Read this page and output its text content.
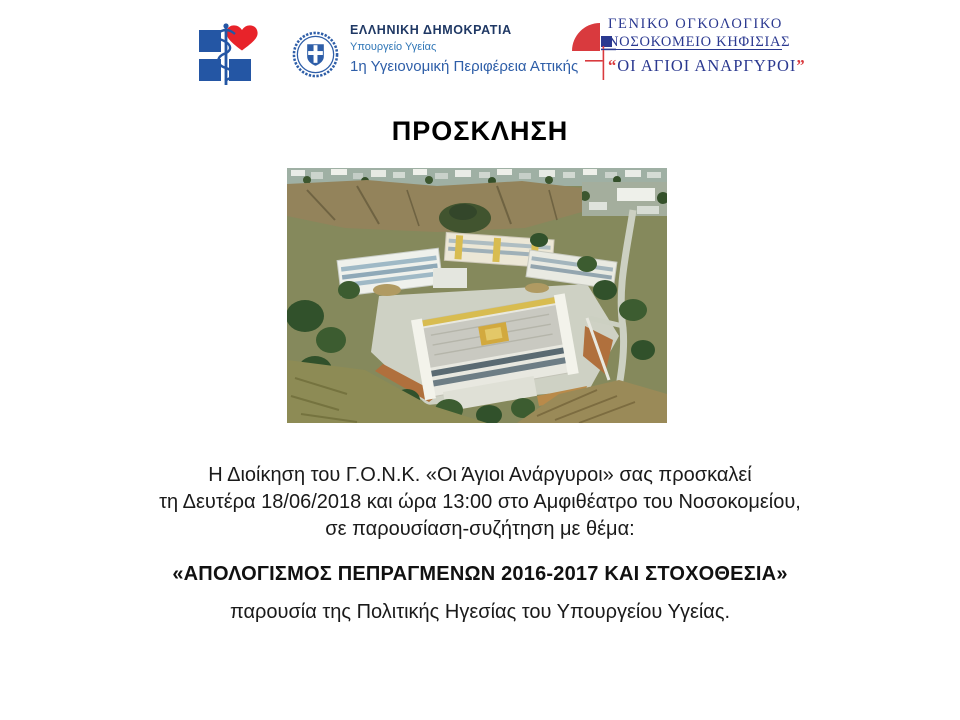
ΕΛΛΗΝΙΚΗ ΔΗΜΟΚΡΑΤΙΑ
Υπουργείο Υγείας
1η Υγειονομική Περιφέρεια Αττικής
ΓΕΝΙΚΟ ΟΓΚΟΛΟΓΙΚΟ
ΝΟΣΟΚΟΜΕΙΟ ΚΗΦΙΣΙΑΣ
“ΟΙ ΑΓΙΟΙ ΑΝΑΡΓΥΡΟΙ”
ΠΡΟΣΚΛΗΣΗ
Η Διοίκηση του Γ.Ο.Ν.Κ. «Οι Άγιοι Ανάργυροι» σας προσκαλεί
τη Δευτέρα 18/06/2018 και ώρα 13:00 στο Αμφιθέατρο του Νοσοκομείου,
σε παρουσίαση-συζήτηση με θέμα:
«ΑΠΟΛΟΓΙΣΜΟΣ ΠΕΠΡΑΓΜΕΝΩΝ 2016-2017 ΚΑΙ ΣΤΟΧΟΘΕΣΙΑ»
παρουσία της Πολιτικής Ηγεσίας του Υπουργείου Υγείας.
